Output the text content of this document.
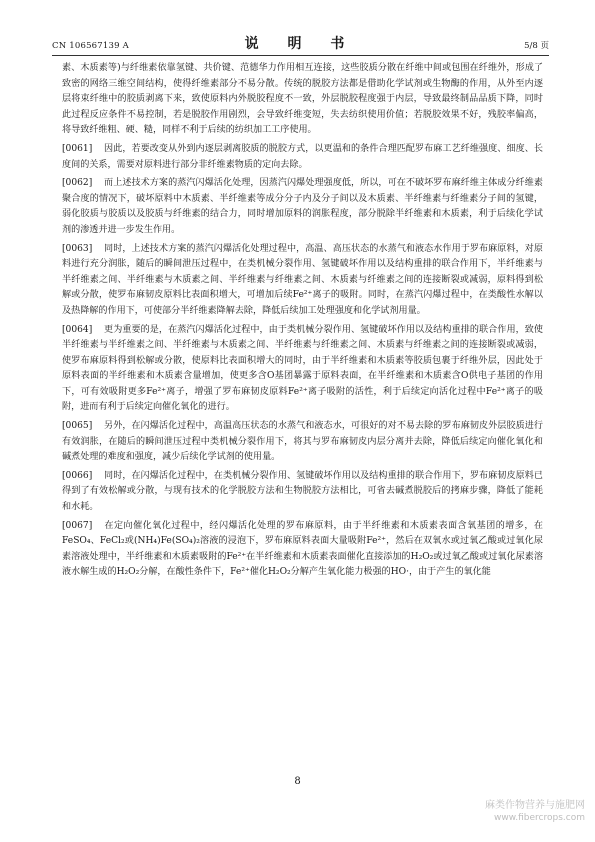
CN 106567139 A	说 明 书	5/8 页

素、木质素等)与纤维素依靠氢键、共价键、范德华力作用相互连接，这些胶质分散在纤维中间或包围在纤维外，形成了致密的网络三维空间结构，使得纤维素部分不易分散。传统的脱胶方法都是借助化学试剂或生物酶的作用，从外至内逐层将束纤维中的胶质剥离下来，致使原料内外脱胶程度不一致，外层脱胶程度强于内层，导致最终制品品质下降，同时此过程反应条件不易控制，若是脱胶作用剧烈，会导致纤维变短，失去纺织使用价值；若脱胶效果不好，残胶率偏高，将导致纤维粗、硬、糙，同样不利于后续的纺织加工工序使用。

[0061] 因此，若要改变从外到内逐层剥离胶质的脱胶方式，以更温和的条件合理匹配罗布麻工艺纤维强度、细度、长度间的关系，需要对原料进行部分非纤维素物质的定向去除。

[0062] 而上述技术方案的蒸汽闪爆活化处理，因蒸汽闪爆处理强度低，所以，可在不破坏罗布麻纤维主体成分纤维素聚合度的情况下，破坏原料中木质素、半纤维素等成分分子内及分子间以及木质素、半纤维素与纤维素分子间的氢键，弱化胶质与胶质以及胶质与纤维素的结合力，同时增加原料的润胀程度，部分脱除半纤维素和木质素，利于后续化学试剂的渗透并进一步发生作用。

[0063] 同时，上述技术方案的蒸汽闪爆活化处理过程中，高温、高压状态的水蒸气和液态水作用于罗布麻原料，对原料进行充分润胀，随后的瞬间泄压过程中，在类机械分裂作用、氢键破坏作用以及结构重排的联合作用下，半纤维素与半纤维素之间、半纤维素与木质素之间、半纤维素与纤维素之间、木质素与纤维素之间的连接断裂或减弱，原料得到松解或分散，使罗布麻韧皮原料比表面积增大，可增加后续Fe²⁺离子的吸附。同时，在蒸汽闪爆过程中，在类酸性水解以及热降解的作用下，可使部分半纤维素降解去除，降低后续加工处理强度和化学试剂用量。

[0064] 更为重要的是，在蒸汽闪爆活化过程中，由于类机械分裂作用、氢键破坏作用以及结构重排的联合作用，致使半纤维素与半纤维素之间、半纤维素与木质素之间、半纤维素与纤维素之间、木质素与纤维素之间的连接断裂或减弱，使罗布麻原料得到松解或分散，使原料比表面积增大的同时，由于半纤维素和木质素等胶质包裹于纤维外层，因此处于原料表面的半纤维素和木质素含量增加，使更多含O基团暴露于原料表面，在半纤维素和木质素含O供电子基团的作用下，可有效吸附更多Fe²⁺离子，增强了罗布麻韧皮原料Fe²⁺离子吸附的活性，利于后续定向活化过程中Fe²⁺离子的吸附，进而有利于后续定向催化氧化的进行。

[0065] 另外，在闪爆活化过程中，高温高压状态的水蒸气和液态水，可很好的对不易去除的罗布麻韧皮外层胶质进行有效润胀，在随后的瞬间泄压过程中类机械分裂作用下，将其与罗布麻韧皮内层分离并去除，降低后续定向催化氧化和碱煮处理的难度和强度，减少后续化学试剂的使用量。

[0066] 同时，在闪爆活化过程中，在类机械分裂作用、氢键破坏作用以及结构重排的联合作用下，罗布麻韧皮原料已得到了有效松解或分散，与现有技术的化学脱胶方法和生物脱胶方法相比，可省去碱煮脱胶后的拷麻步骤，降低了能耗和水耗。

[0067] 在定向催化氧化过程中，经闪爆活化处理的罗布麻原料，由于半纤维素和木质素表面含氧基团的增多，在FeSO₄、FeCl₂或(NH₄)Fe(SO₄)₂溶液的浸泡下，罗布麻原料表面大量吸附Fe²⁺，然后在双氧水或过氧乙酸或过氧化尿素溶液处理中，半纤维素和木质素吸附的Fe²⁺在半纤维素和木质素表面催化直接添加的H₂O₂或过氧乙酸或过氧化尿素溶液水解生成的H₂O₂分解，在酸性条件下，Fe²⁺催化H₂O₂分解产生氧化能力极强的HO·，由于产生的氧化能

8
麻类作物营养与施肥网
www.fibercrops.com
